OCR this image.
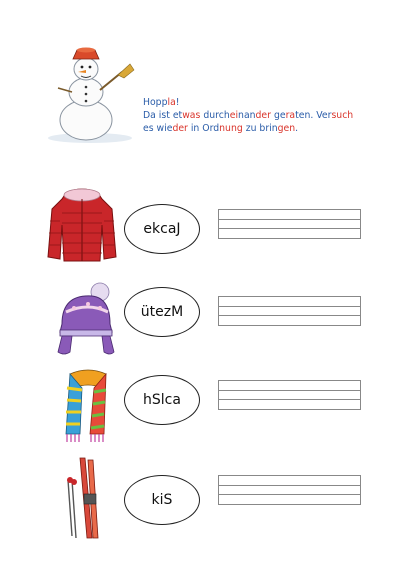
Hoppla!
Da ist etwas durcheinander geraten. Versuch
es wieder in Ordnung zu bringen.
ekcaJ
ütezM
hSlca
kiS
